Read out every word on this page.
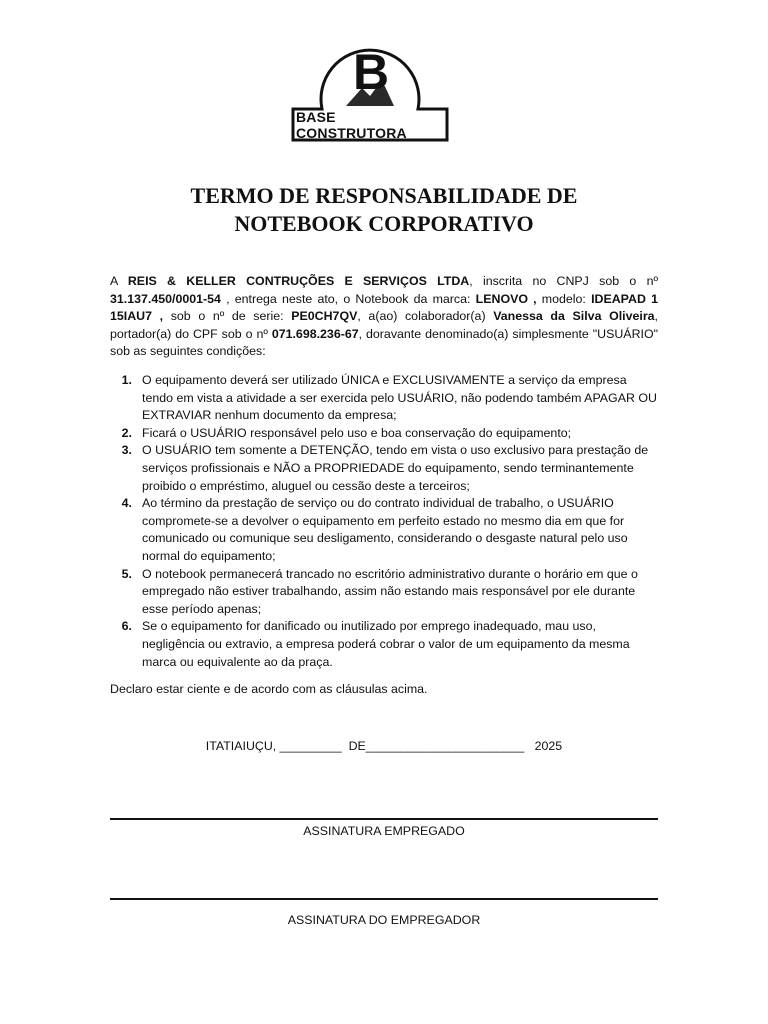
B
BASE CONSTRUTORA
TERMO DE RESPONSABILIDADE DE
NOTEBOOK CORPORATIVO
A REIS & KELLER CONTRUÇÕES E SERVIÇOS LTDA, inscrita no CNPJ sob o nº 31.137.450/0001-54 , entrega neste ato, o Notebook da marca: LENOVO , modelo: IDEAPAD 1 15IAU7 , sob o nº de serie: PE0CH7QV, a(ao) colaborador(a) Vanessa da Silva Oliveira, portador(a) do CPF sob o nº 071.698.236-67, doravante denominado(a) simplesmente "USUÁRIO" sob as seguintes condições:
1. O equipamento deverá ser utilizado ÚNICA e EXCLUSIVAMENTE a serviço da empresa tendo em vista a atividade a ser exercida pelo USUÁRIO, não podendo também APAGAR OU EXTRAVIAR nenhum documento da empresa;
2. Ficará o USUÁRIO responsável pelo uso e boa conservação do equipamento;
3. O USUÁRIO tem somente a DETENÇÃO, tendo em vista o uso exclusivo para prestação de serviços profissionais e NÃO a PROPRIEDADE do equipamento, sendo terminantemente proibido o empréstimo, aluguel ou cessão deste a terceiros;
4. Ao término da prestação de serviço ou do contrato individual de trabalho, o USUÁRIO compromete-se a devolver o equipamento em perfeito estado no mesmo dia em que for comunicado ou comunique seu desligamento, considerando o desgaste natural pelo uso normal do equipamento;
5. O notebook permanecerá trancado no escritório administrativo durante o horário em que o empregado não estiver trabalhando, assim não estando mais responsável por ele durante esse período apenas;
6. Se o equipamento for danificado ou inutilizado por emprego inadequado, mau uso, negligência ou extravio, a empresa poderá cobrar o valor de um equipamento da mesma marca ou equivalente ao da praça.
Declaro estar ciente e de acordo com as cláusulas acima.
ITATIAIUÇU, _________  DE_______________________   2025
ASSINATURA EMPREGADO
ASSINATURA DO EMPREGADOR
